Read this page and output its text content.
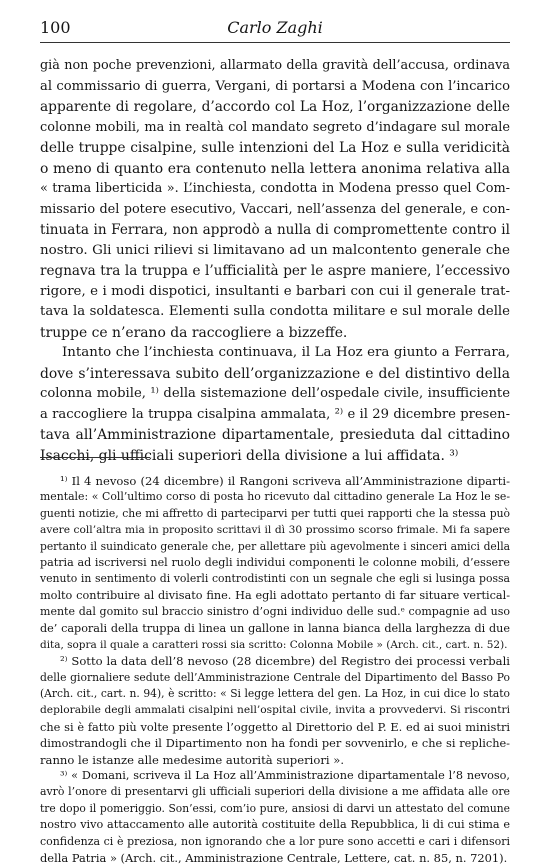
100	Carlo Zaghi
già non poche prevenzioni, allarmato della gravità dell’accusa, ordinava
al commissario di guerra, Vergani, di portarsi a Modena con l’incarico
apparente di regolare, d’accordo col La Hoz, l’organizzazione delle
colonne mobili, ma in realtà col mandato segreto d’indagare sul morale
delle truppe cisalpine, sulle intenzioni del La Hoz e sulla veridicità
o meno di quanto era contenuto nella lettera anonima relativa alla
« trama liberticida ». L’inchiesta, condotta in Modena presso quel Com-
missario del potere esecutivo, Vaccari, nell’assenza del generale, e con-
tinuata in Ferrara, non approdò a nulla di compromettente contro il
nostro. Gli unici rilievi si limitavano ad un malcontento generale che
regnava tra la truppa e l’ufficialità per le aspre maniere, l’eccessivo
rigore, e i modi dispotici, insultanti e barbari con cui il generale trat-
tava la soldatesca. Elementi sulla condotta militare e sul morale delle
truppe ce n’erano da raccogliere a bizzeffe.
Intanto che l’inchiesta continuava, il La Hoz era giunto a Ferrara,
dove s’interessava subito dell’organizzazione e del distintivo della
colonna mobile, ¹⁾ della sistemazione dell’ospedale civile, insufficiente
a raccogliere la truppa cisalpina ammalata, ²⁾ e il 29 dicembre presen-
tava all’Amministrazione dipartamentale, presieduta dal cittadino
Isacchi, gli ufficiali superiori della divisione a lui affidata. ³⁾
¹⁾ Il 4 nevoso (24 dicembre) il Rangoni scriveva all’Amministrazione diparti-
mentale: « Coll’ultimo corso di posta ho ricevuto dal cittadino generale La Hoz le se-
guenti notizie, che mi affretto di parteciparvi per tutti quei rapporti che la stessa può
avere coll’altra mia in proposito scrittavi il dì 30 prossimo scorso frimale. Mi fa sapere
pertanto il suindicato generale che, per allettare più agevolmente i sinceri amici della
patria ad iscriversi nel ruolo degli individui componenti le colonne mobili, d’essere
venuto in sentimento di volerli controdistinti con un segnale che egli si lusinga possa
molto contribuire al divisato fine. Ha egli adottato pertanto di far situare vertical-
mente dal gomito sul braccio sinistro d’ogni individuo delle sud.ᵉ compagnie ad uso
de’ caporali della truppa di linea un gallone in lanna bianca della larghezza di due
dita, sopra il quale a caratteri rossi sia scritto: Colonna Mobile » (Arch. cit., cart. n. 52).
²⁾ Sotto la data dell’8 nevoso (28 dicembre) del Registro dei processi verbali
delle giornaliere sedute dell’Amministrazione Centrale del Dipartimento del Basso Po
(Arch. cit., cart. n. 94), è scritto: « Si legge lettera del gen. La Hoz, in cui dice lo stato
deplorabile degli ammalati cisalpini nell’ospital civile, invita a provvedervi. Si riscontri
che si è fatto più volte presente l’oggetto al Direttorio del P. E. ed ai suoi ministri
dimostrandogli che il Dipartimento non ha fondi per sovvenirlo, e che si repliche-
ranno le istanze alle medesime autorità superiori ».
³⁾ « Domani, scriveva il La Hoz all’Amministrazione dipartamentale l’8 nevoso,
avrò l’onore di presentarvi gli ufficiali superiori della divisione a me affidata alle ore
tre dopo il pomeriggio. Son’essi, com’io pure, ansiosi di darvi un attestato del comune
nostro vivo attaccamento alle autorità costituite della Repubblica, li di cui stima e
confidenza ci è preziosa, non ignorando che a lor pure sono accetti e cari i difensori
della Patria » (Arch. cit., Amministrazione Centrale, Lettere, cat. n. 85, n. 7201).
